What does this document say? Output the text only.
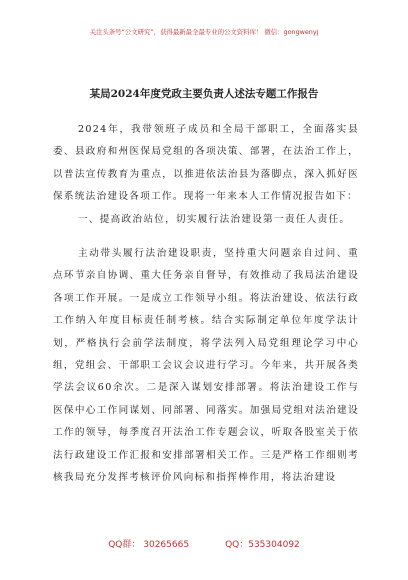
关注头条号“公文研究”，获得最新最全最专业的公文资料库！ 微信：gongwenyj
某局2024年度党政主要负责人述法专题工作报告

2024年，我带领班子成员和全局干部职工，全面落实县委、县政府和州医保局党组的各项决策、部署，在法治工作上，以普法宣传教育为重点，以推进依法治县为落脚点，深入抓好医保系统法治建设各项工作。现将一年来本人工作情况报告如下：

一、提高政治站位，切实履行法治建设第一责任人责任。

主动带头履行法治建设职责，坚持重大问题亲自过问、重点环节亲自协调、重大任务亲自督导，有效推动了我局法治建设各项工作开展。一是成立工作领导小组。将法治建设、依法行政工作纳入年度目标责任制考核。结合实际制定单位年度学法计划，严格执行会前学法制度，将学法列入局党组理论学习中心组，党组会、干部职工会议会议进行学习。今年来，共开展各类学法会议60余次。二是深入谋划安排部署。将法治建设工作与医保中心工作同谋划、同部署、同落实。加强局党组对法治建设工作的领导，每季度召开法治工作专题会议，听取各股室关于依法行政建设工作汇报和安排部署相关工作。三是严格工作细则考核我局充分发挥考核评价风向标和指挥棒作用，将法治建设

QQ群： 30265665	QQ：535304092
